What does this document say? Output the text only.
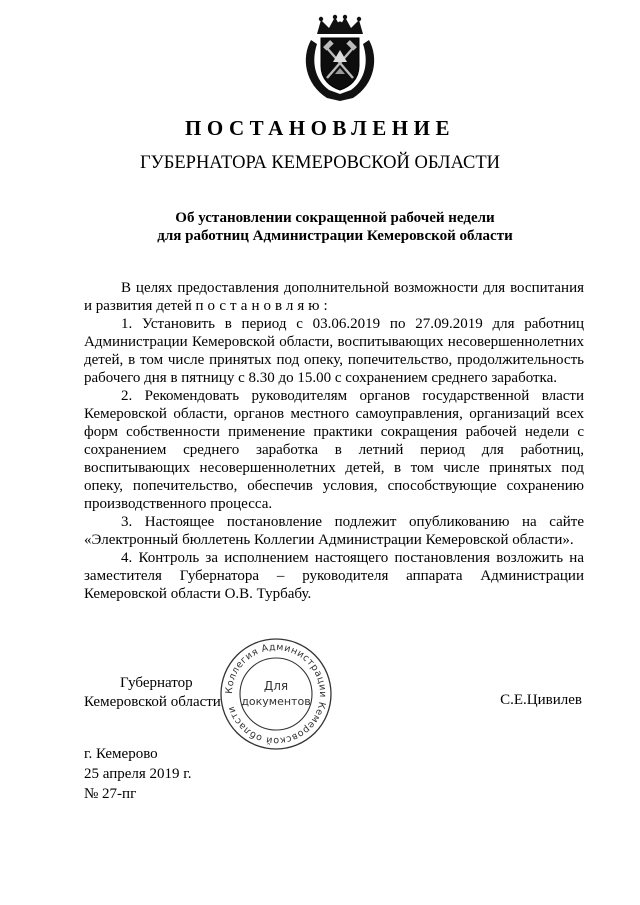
ПОСТАНОВЛЕНИЕ
ГУБЕРНАТОРА КЕМЕРОВСКОЙ ОБЛАСТИ
Об установлении сокращенной рабочей недели
для работниц Администрации Кемеровской области

В целях предоставления дополнительной возможности для воспитания и развития детей постановляю:

1. Установить в период с 03.06.2019 по 27.09.2019 для работниц Администрации Кемеровской области, воспитывающих несовершеннолетних детей, в том числе принятых под опеку, попечительство, продолжительность рабочего дня в пятницу с 8.30 до 15.00 с сохранением среднего заработка.

2. Рекомендовать руководителям органов государственной власти Кемеровской области, органов местного самоуправления, организаций всех форм собственности применение практики сокращения рабочей недели с сохранением среднего заработка в летний период для работниц, воспитывающих несовершеннолетних детей, в том числе принятых под опеку, попечительство, обеспечив условия, способствующие сохранению производственного процесса.

3. Настоящее постановление подлежит опубликованию на сайте «Электронный бюллетень Коллегии Администрации Кемеровской области».

4. Контроль за исполнением настоящего постановления возложить на заместителя Губернатора – руководителя аппарата Администрации Кемеровской области О.В. Турбабу.

Губернатор
Кемеровской области
Коллегия Администрации Кемеровской области
Для
документов	С.Е.Цивилев
г. Кемерово
25 апреля 2019 г.
№ 27-пг
